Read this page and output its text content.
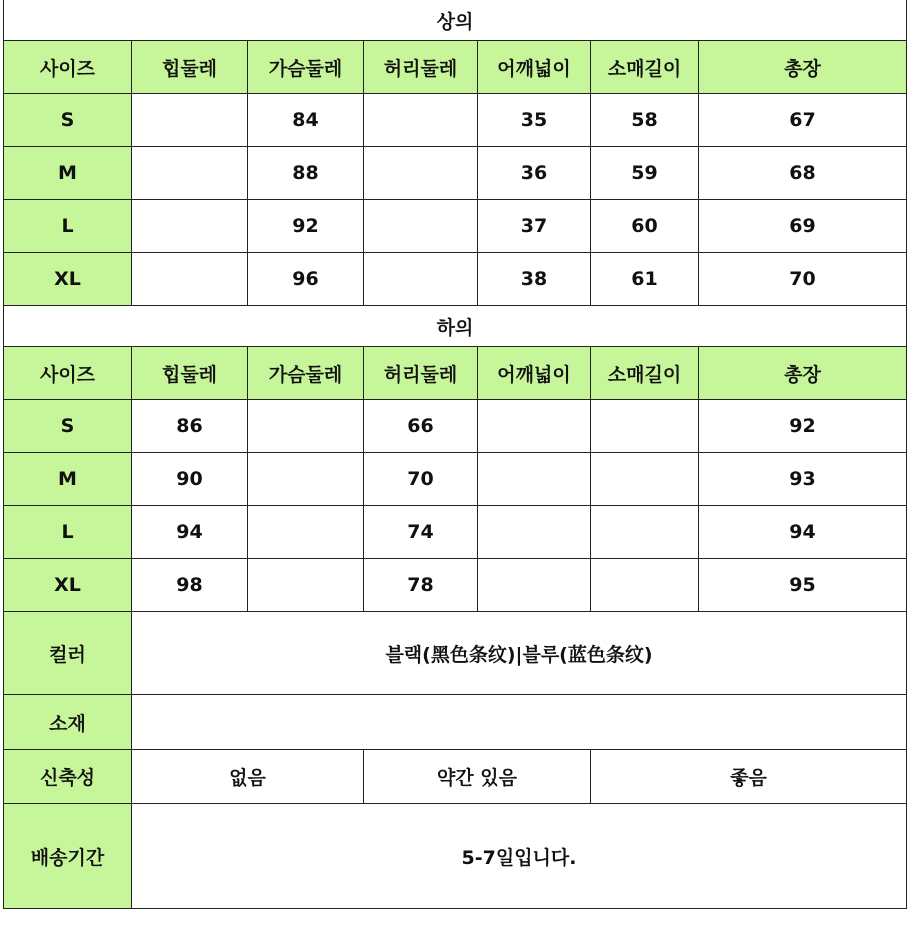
상의						
사이즈	힙둘레	가슴둘레	허리둘레	어깨넓이	소매길이	총장
S		84		35	58	67
M		88		36	59	68
L		92		37	60	69
XL		96		38	61	70
하의						
사이즈	힙둘레	가슴둘레	허리둘레	어깨넓이	소매길이	총장
S	86		66			92
M	90		70			93
L	94		74			94
XL	98		78			95
컬러	블랙(黑色条纹)|블루(蓝色条纹)					
소재						
신축성	없음		약간 있음		좋음	
배송기간	5-7일입니다.					
